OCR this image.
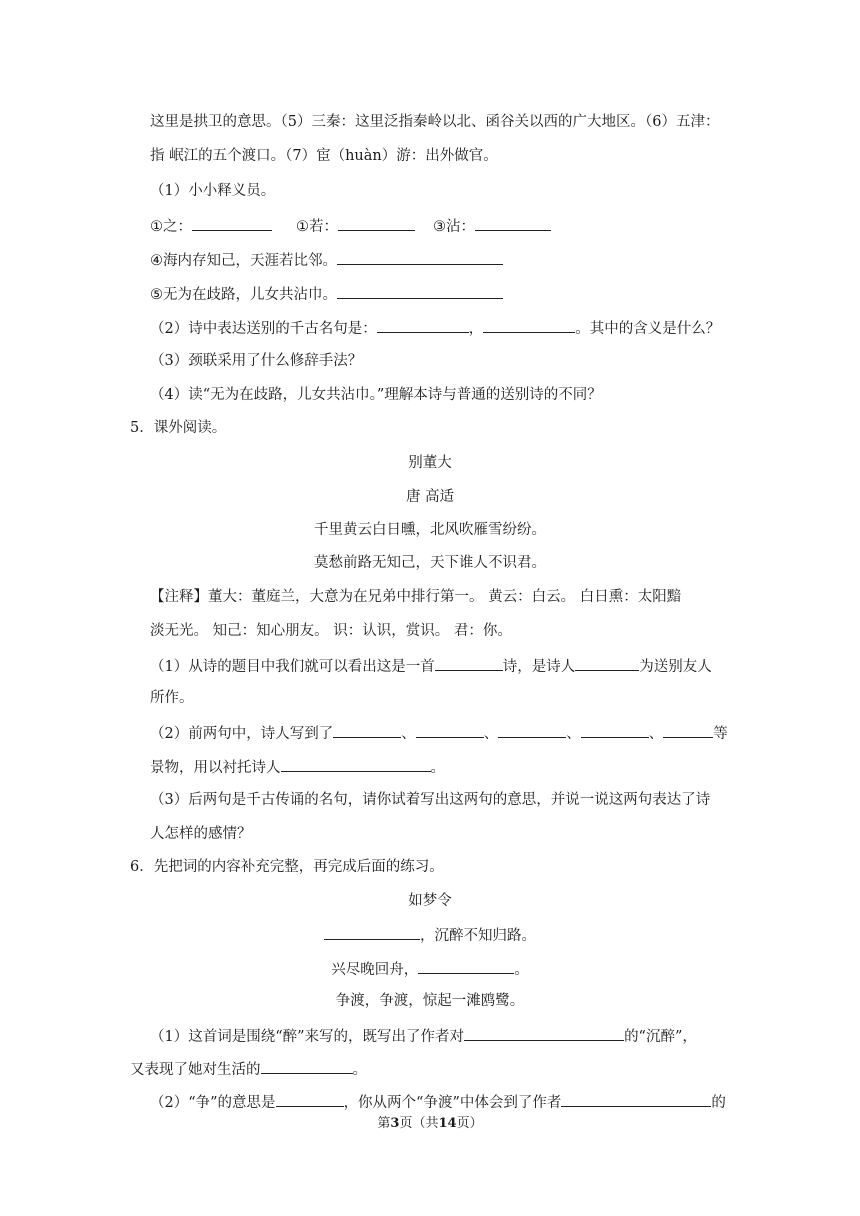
这里是拱卫的意思。（5）三秦：这里泛指秦岭以北、函谷关以西的广大地区。（6）五津：
指 岷江的五个渡口。（7）宦（huàn）游：出外做官。
（1）小小释义员。
①之：	①若：	③沾：
④海内存知己，天涯若比邻。
⑤无为在歧路，儿女共沾巾。
（2）诗中表达送别的千古名句是：	，	。其中的含义是什么？
（3）颈联采用了什么修辞手法？
（4）读“无为在歧路，儿女共沾巾。”理解本诗与普通的送别诗的不同？
5．课外阅读。
别董大
唐 高适
千里黄云白日曛，北风吹雁雪纷纷。
莫愁前路无知己，天下谁人不识君。
【注释】董大：董庭兰，大意为在兄弟中排行第一。 黄云：白云。 白日熏：太阳黯
淡无光。 知己：知心朋友。 识：认识，赏识。 君：你。
（1）从诗的题目中我们就可以看出这是一首	诗，是诗人	为送别友人
所作。
（2）前两句中，诗人写到了	、	、	、	、	等
景物，用以衬托诗人	。
（3）后两句是千古传诵的名句，请你试着写出这两句的意思，并说一说这两句表达了诗
人怎样的感情？
6．先把词的内容补充完整，再完成后面的练习。
如梦令
，沉醉不知归路。
兴尽晚回舟，	。
争渡，争渡，惊起一滩鸥鹭。
（1）这首词是围绕“醉”来写的，既写出了作者对	的“沉醉”，
又表现了她对生活的	。
（2）“争”的意思是	，你从两个“争渡”中体会到了作者	的
第3页（共14页）
